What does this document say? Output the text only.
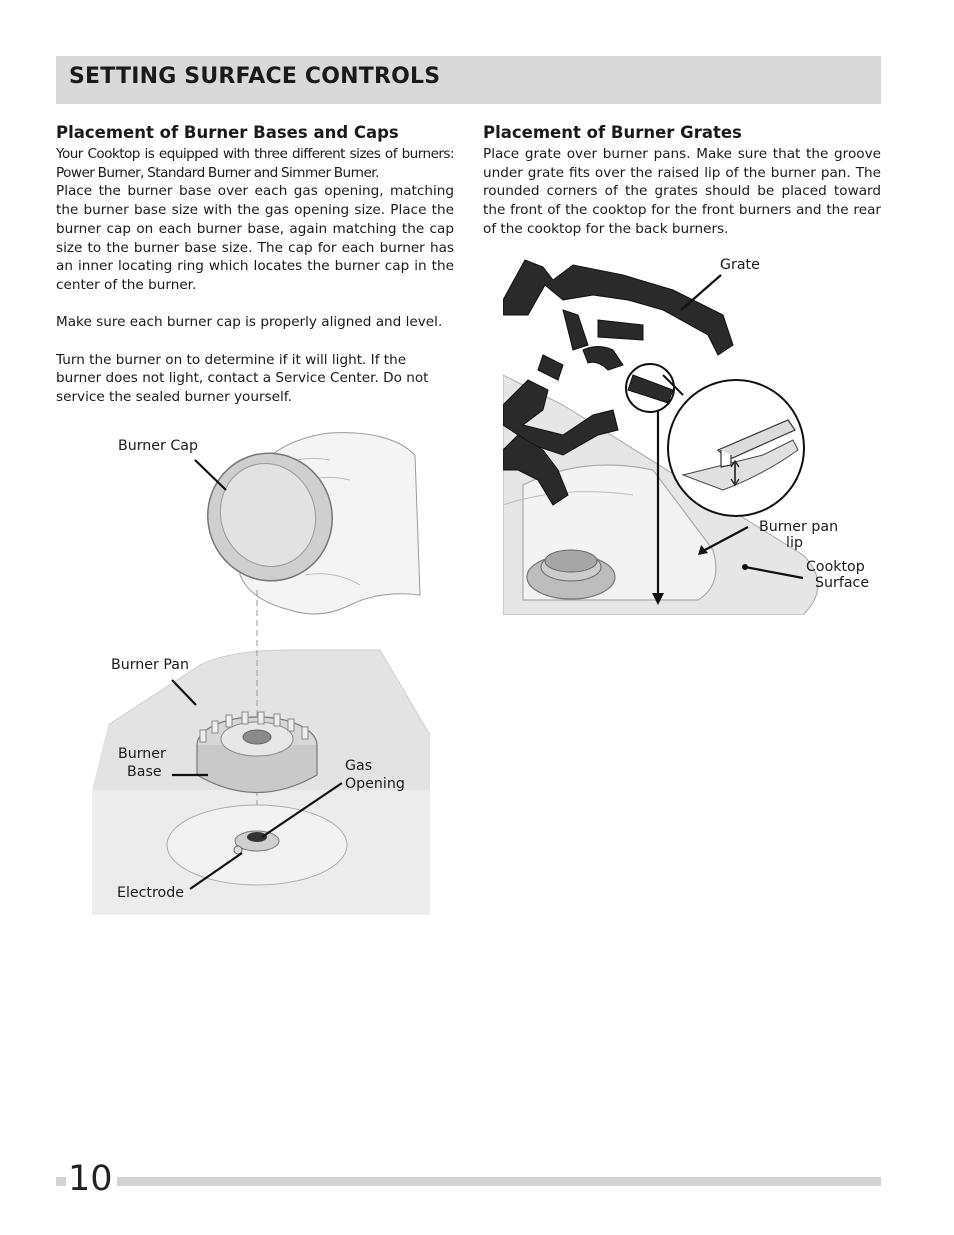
SETTING SURFACE CONTROLS
Placement of Burner Bases and Caps

Your Cooktop is equipped with three different sizes of burners: Power Burner, Standard Burner and Simmer Burner.

Place the burner base over each gas opening, matching the burner base size with the gas opening size. Place the burner cap on each burner base, again matching the cap size to the burner base size. The cap for each burner has an inner locating ring which locates the burner cap in the center of the burner.

Make sure each burner cap is properly aligned and level.

Turn the burner on to determine if it will light. If the burner does not light, contact a Service Center. Do not service the sealed burner yourself.

Placement of Burner Grates

Place grate over burner pans. Make sure that the groove under grate fits over the raised lip of the burner pan. The rounded corners of the grates should be placed toward the front of the cooktop for the front burners and the rear of the cooktop for the back burners.

Burner Cap
Burner Pan
Burner
Base	Gas
Opening
Electrode
Grate
Burner pan
lip
Cooktop
Surface
10
